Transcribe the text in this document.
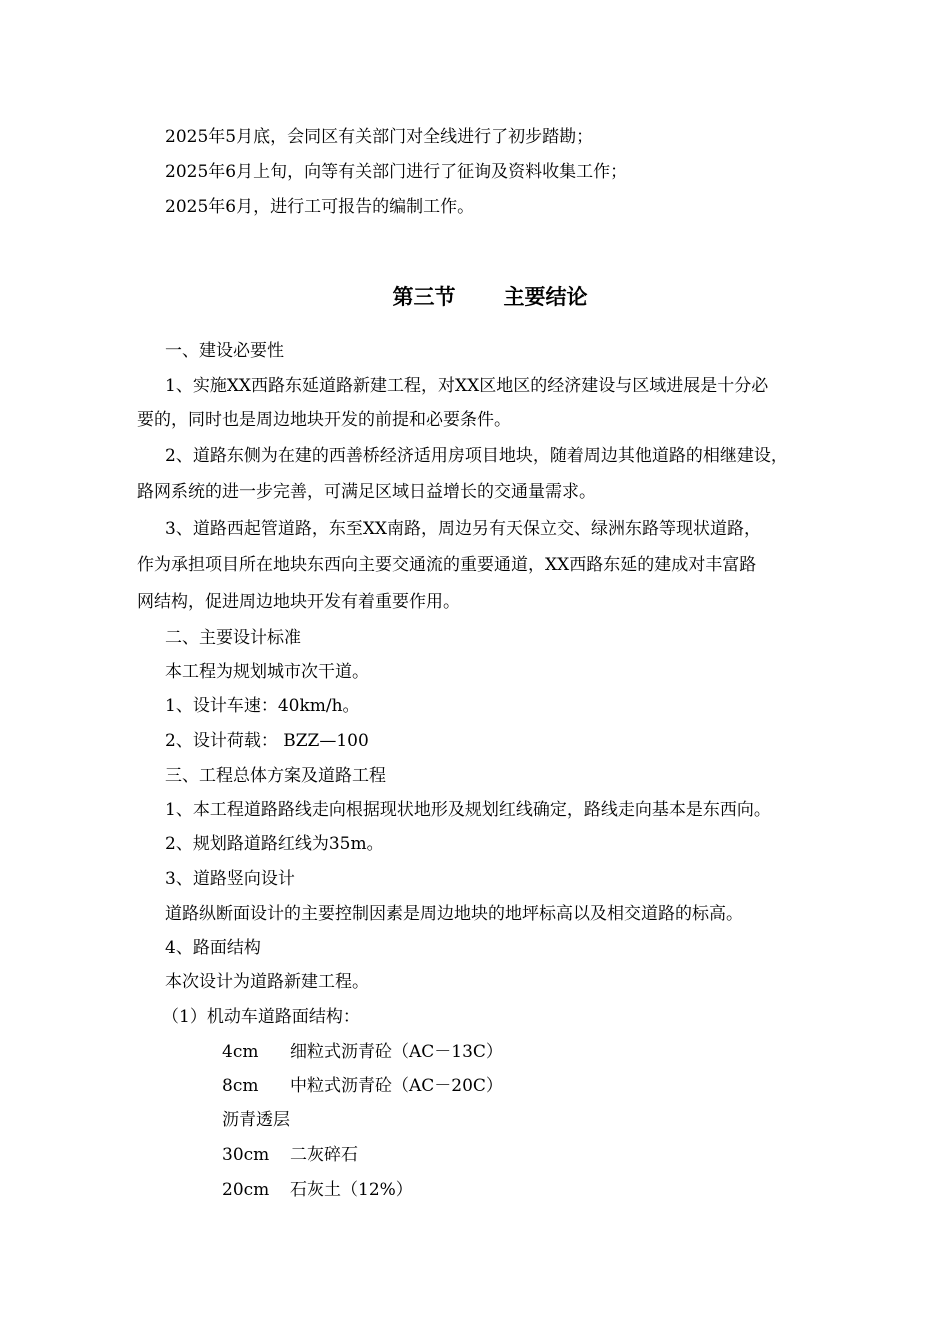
2025年5月底，会同区有关部门对全线进行了初步踏勘；
2025年6月上旬，向等有关部门进行了征询及资料收集工作；
2025年6月，进行工可报告的编制工作。
第三节 主要结论
一、建设必要性
1、实施XX西路东延道路新建工程，对XX区地区的经济建设与区域进展是十分必
要的，同时也是周边地块开发的前提和必要条件。
2、道路东侧为在建的西善桥经济适用房项目地块，随着周边其他道路的相继建设，
路网系统的进一步完善，可满足区域日益增长的交通量需求。
3、道路西起管道路，东至XX南路，周边另有天保立交、绿洲东路等现状道路，
作为承担项目所在地块东西向主要交通流的重要通道，XX西路东延的建成对丰富路
网结构，促进周边地块开发有着重要作用。
二、主要设计标准
本工程为规划城市次干道。
1、设计车速：40km/h。
2、设计荷载： BZZ—100
三、工程总体方案及道路工程
1、本工程道路路线走向根据现状地形及规划红线确定，路线走向基本是东西向。
2、规划路道路红线为35m。
3、道路竖向设计
道路纵断面设计的主要控制因素是周边地块的地坪标高以及相交道路的标高。
4、路面结构
本次设计为道路新建工程。
（1）机动车道路面结构：
4cm 细粒式沥青砼（AC－13C）
8cm 中粒式沥青砼（AC－20C）
沥青透层
30cm 二灰碎石
20cm 石灰土（12%）
